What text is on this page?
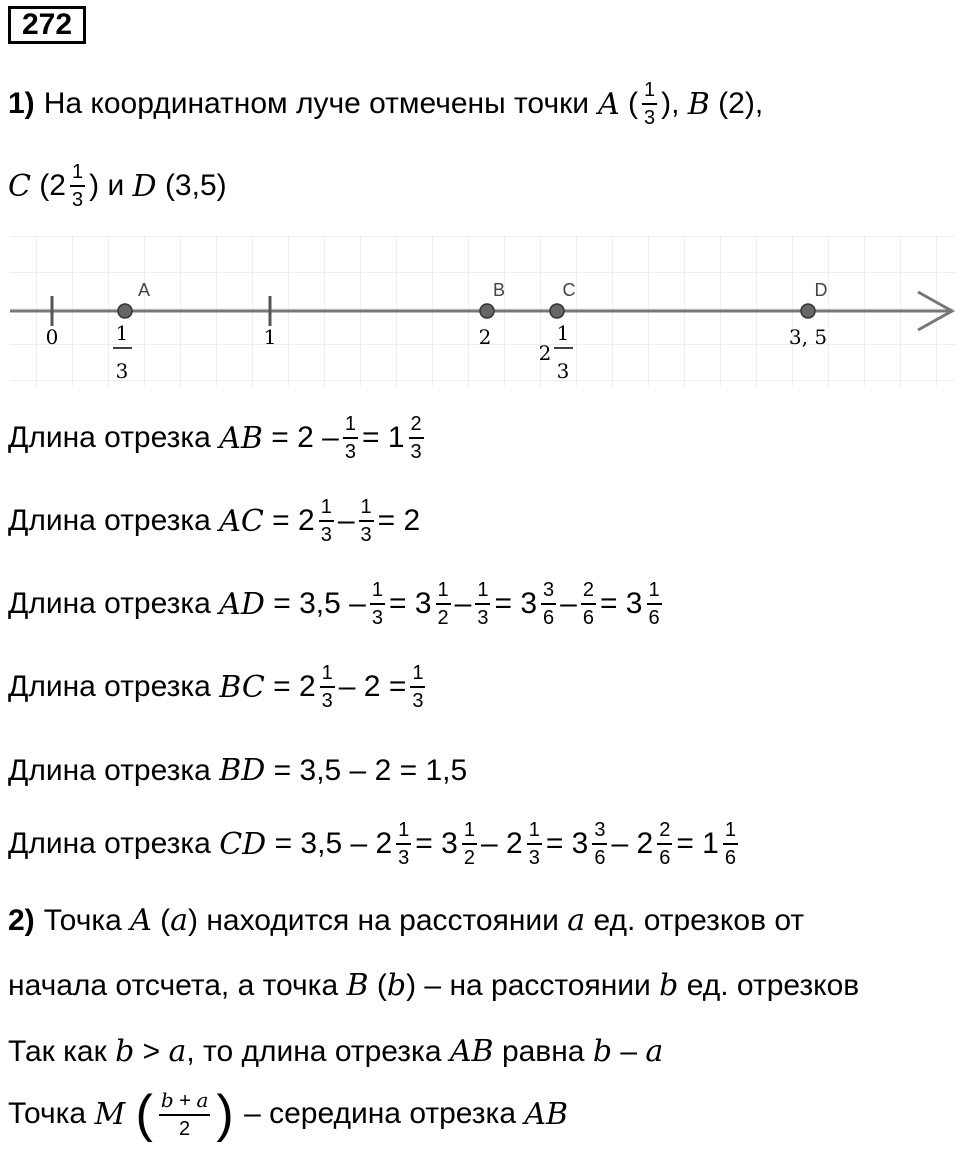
272
1) На координатном луче отмечены точки A ( 1
3 ), B (2),
C (2 1
3 ) и
D (3,5)
0	1
A
1
3
B
2
C
2
1
3
D
3, 5
Длина отрезка
AB = 2 – 1
3 = 1 2
3
Длина отрезка
AC = 2 1
3 – 1
3 = 2
Длина отрезка
AD = 3,5 – 1
3 = 3 1
2 – 1
3 = 3 3
6 – 2
6 = 3 1
6
Длина отрезка
BC = 2 1
3 – 2 = 1
3
Длина отрезка
BD = 3,5 – 2 = 1,5
Длина отрезка
CD = 3,5 – 2 1
3 = 3 1
2 – 2 1
3 = 3 3
6 – 2 2
6 = 1 1
6
2) Точка
A ( a ) находится на расстоянии
a
ед. отрезков от
начала отсчета, а точка
B ( b ) – на расстоянии
b
ед. отрезков
Так как
b > a , то длина отрезка
AB
равна
b – a
Точка
M
( b + a
2 )
– середина отрезка
AB
